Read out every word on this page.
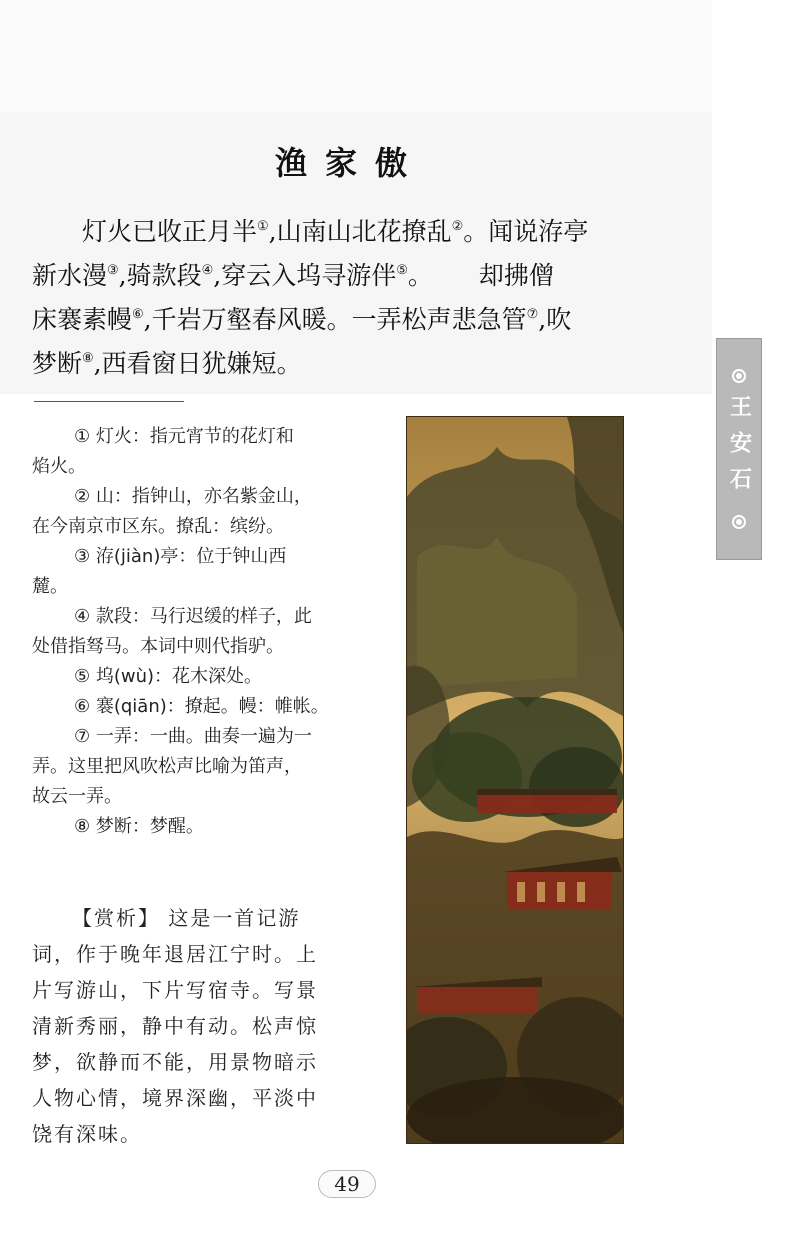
王安石
渔家傲
灯火已收正月半①,山南山北花撩乱②。闻说洊亭
新水漫③,骑款段④,穿云入坞寻游伴⑤。 却拂僧
床褰素幔⑥,千岩万壑春风暖。一弄松声悲急管⑦,吹
梦断⑧,西看窗日犹嫌短。
① 灯火：指元宵节的花灯和
焰火。
② 山：指钟山，亦名紫金山，
在今南京市区东。撩乱：缤纷。
③ 洊(jiàn)亭：位于钟山西
麓。
④ 款段：马行迟缓的样子，此
处借指驽马。本词中则代指驴。
⑤ 坞(wù)：花木深处。
⑥ 褰(qiān)：撩起。幔：帷帐。
⑦ 一弄：一曲。曲奏一遍为一
弄。这里把风吹松声比喻为笛声，
故云一弄。
⑧ 梦断：梦醒。
【赏析】 这是一首记游
词，作于晚年退居江宁时。上
片写游山，下片写宿寺。写景
清新秀丽，静中有动。松声惊
梦，欲静而不能，用景物暗示
人物心情，境界深幽，平淡中
饶有深味。
49
